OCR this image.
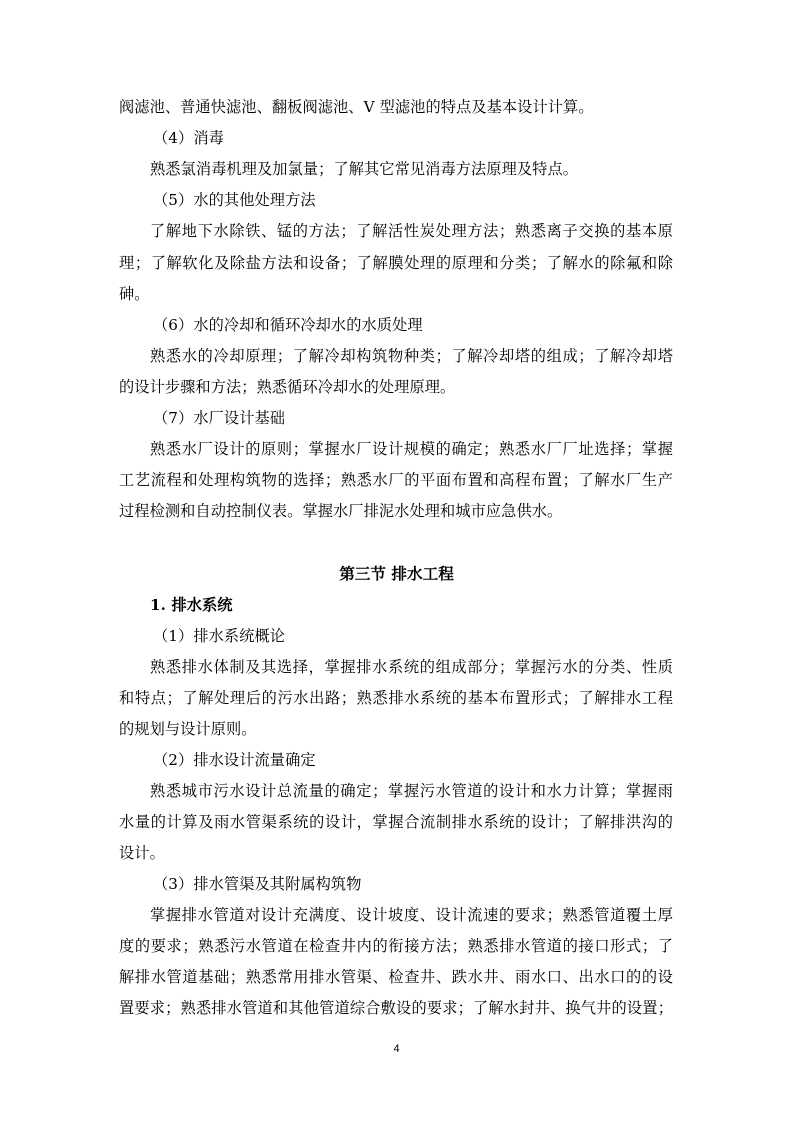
阀滤池、普通快滤池、翻板阀滤池、V 型滤池的特点及基本设计计算。
（4）消毒
熟悉氯消毒机理及加氯量；了解其它常见消毒方法原理及特点。
（5）水的其他处理方法
了解地下水除铁、锰的方法；了解活性炭处理方法；熟悉离子交换的基本原
理；了解软化及除盐方法和设备；了解膜处理的原理和分类；了解水的除氟和除
砷。
（6）水的冷却和循环冷却水的水质处理
熟悉水的冷却原理；了解冷却构筑物种类；了解冷却塔的组成；了解冷却塔
的设计步骤和方法；熟悉循环冷却水的处理原理。
（7）水厂设计基础
熟悉水厂设计的原则；掌握水厂设计规模的确定；熟悉水厂厂址选择；掌握
工艺流程和处理构筑物的选择；熟悉水厂的平面布置和高程布置；了解水厂生产
过程检测和自动控制仪表。掌握水厂排泥水处理和城市应急供水。
第三节 排水工程
1. 排水系统
（1）排水系统概论
熟悉排水体制及其选择，掌握排水系统的组成部分；掌握污水的分类、性质
和特点；了解处理后的污水出路；熟悉排水系统的基本布置形式；了解排水工程
的规划与设计原则。
（2）排水设计流量确定
熟悉城市污水设计总流量的确定；掌握污水管道的设计和水力计算；掌握雨
水量的计算及雨水管渠系统的设计，掌握合流制排水系统的设计；了解排洪沟的
设计。
（3）排水管渠及其附属构筑物
掌握排水管道对设计充满度、设计坡度、设计流速的要求；熟悉管道覆土厚
度的要求；熟悉污水管道在检查井内的衔接方法；熟悉排水管道的接口形式；了
解排水管道基础；熟悉常用排水管渠、检查井、跌水井、雨水口、出水口的的设
置要求；熟悉排水管道和其他管道综合敷设的要求；了解水封井、换气井的设置；
4
